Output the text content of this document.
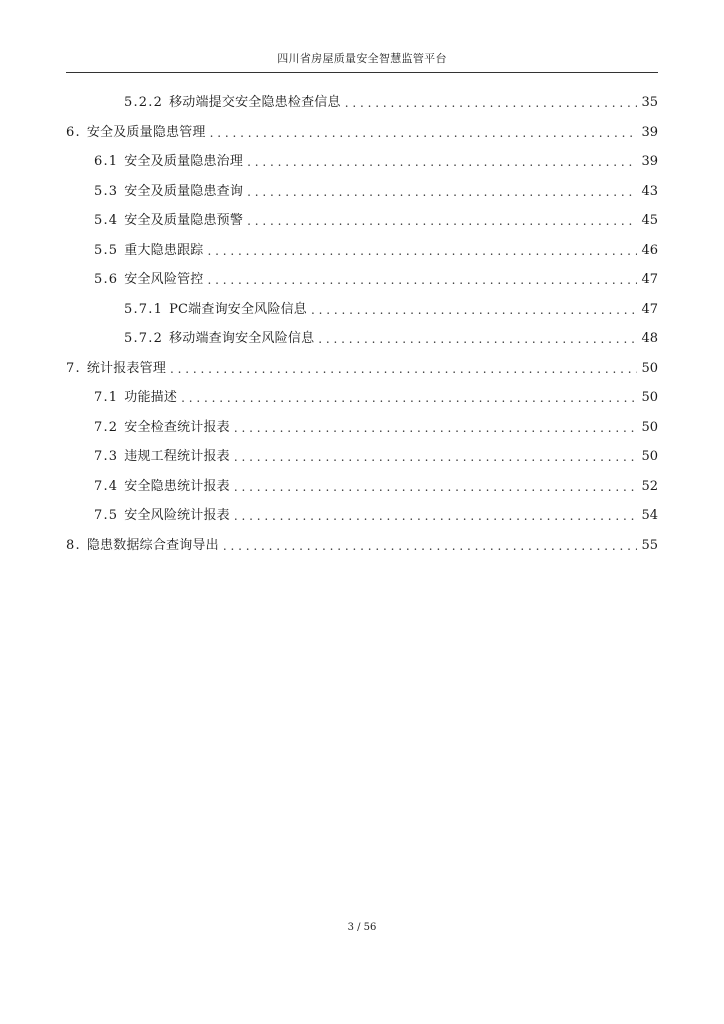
四川省房屋质量安全智慧监管平台
5.2.2 移动端提交安全隐患检查信息 . . .	35
6. 安全及质量隐患管理 . . .	39
6.1 安全及质量隐患治理 . . .	39
5.3 安全及质量隐患查询 . . .	43
5.4 安全及质量隐患预警 . . .	45
5.5 重大隐患跟踪 . . .	46
5.6 安全风险管控 . . .	47
5.7.1 PC端查询安全风险信息 . . .	47
5.7.2 移动端查询安全风险信息 . . .	48
7. 统计报表管理 . . .	50
7.1 功能描述 . . .	50
7.2 安全检查统计报表 . . .	50
7.3 违规工程统计报表 . . .	50
7.4 安全隐患统计报表 . . .	52
7.5 安全风险统计报表 . . .	54
8. 隐患数据综合查询导出 . . .	55
3 / 56
